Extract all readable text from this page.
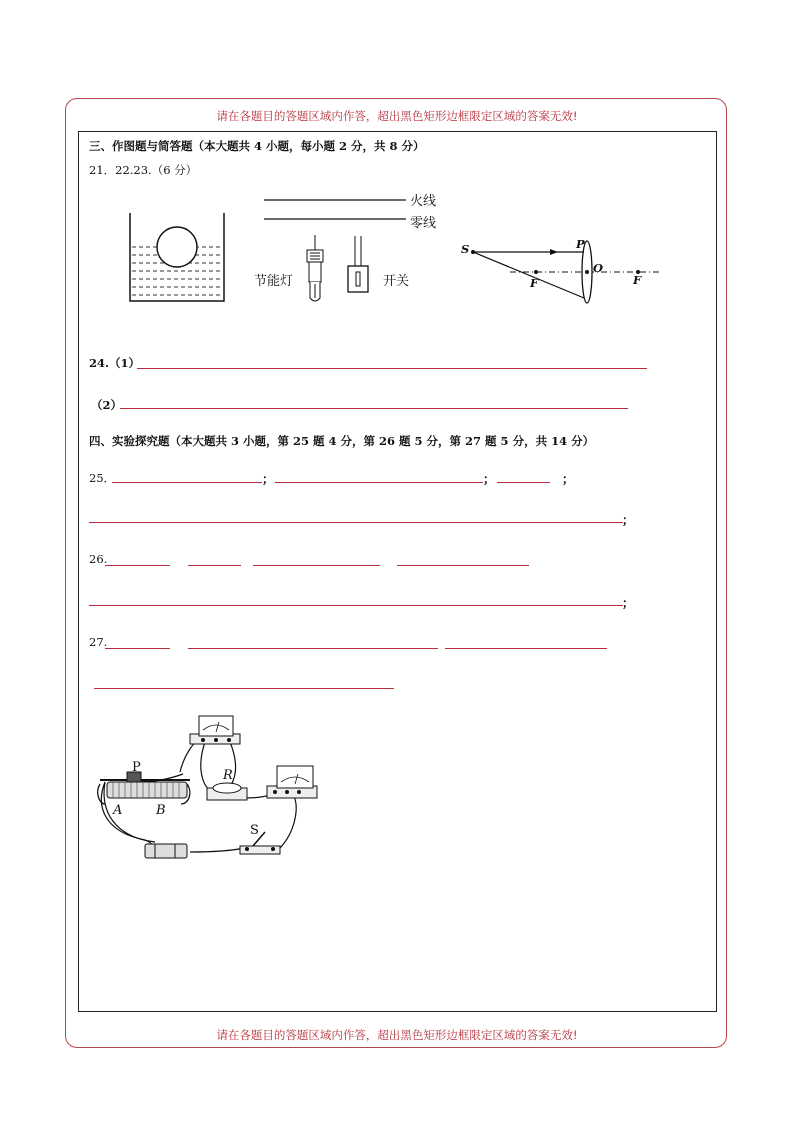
请在各题目的答题区域内作答，超出黑色矩形边框限定区域的答案无效!
请在各题目的答题区域内作答，超出黑色矩形边框限定区域的答案无效!
三、作图题与简答题（本大题共 4 小题，每小题 2 分，共 8 分）
21．22.23.（6 分）
火线
零线
节能灯	开关
S	P
O
F	F
24.（1）
（2）
四、实验探究题（本大题共 3 小题，第 25 题 4 分，第 26 题 5 分，第 27 题 5 分，共 14 分）
25．	；	；	；
；
26.
；
27.
P
A	B
R
S
